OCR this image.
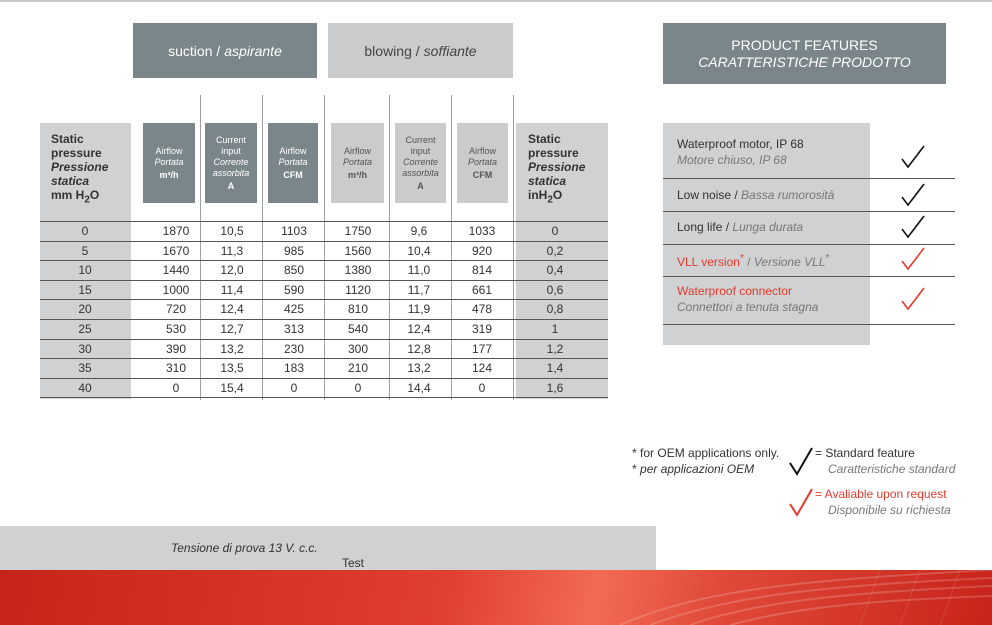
suction / aspirante	blowing / soffiante
Static
pressure
Pressione
statica
mm $H_2O$
Airflow
Portata
m³/h
Current
input
Corrente
assorbita
A
Airflow
Portata
CFM
Airflow
Portata
m³/h
Current
input
Corrente
assorbita
A
Airflow
Portata
CFM
Static
pressure
Pressione
statica
inH$_2$O
0	1870	10,5	1103	1750	9,6	1033	0
5	1670	11,3	985	1560	10,4	920	0,2
10	1440	12,0	850	1380	11,0	814	0,4
15	1000	11,4	590	1120	11,7	661	0,6
20	720	12,4	425	810	11,9	478	0,8
25	530	12,7	313	540	12,4	319	1
30	390	13,2	230	300	12,8	177	1,2
35	310	13,5	183	210	13,2	124	1,4
40	0	15,4	0	0	14,4	0	1,6
PRODUCT FEATURES
CARATTERISTICHE PRODOTTO
Waterproof motor, IP 68
Motore chiuso, IP 68
Low noise / Bassa rumorosità
Long life / Lunga durata
VLL version* / Versione VLL*
Waterproof connector
Connettori a tenuta stagna
* for OEM applications only.
* per applicazioni OEM
= Standard feature
Caratteristiche standard
= Avaliable upon request
Disponibile su richiesta
Test
Tensione di prova 13 V. c.c.
